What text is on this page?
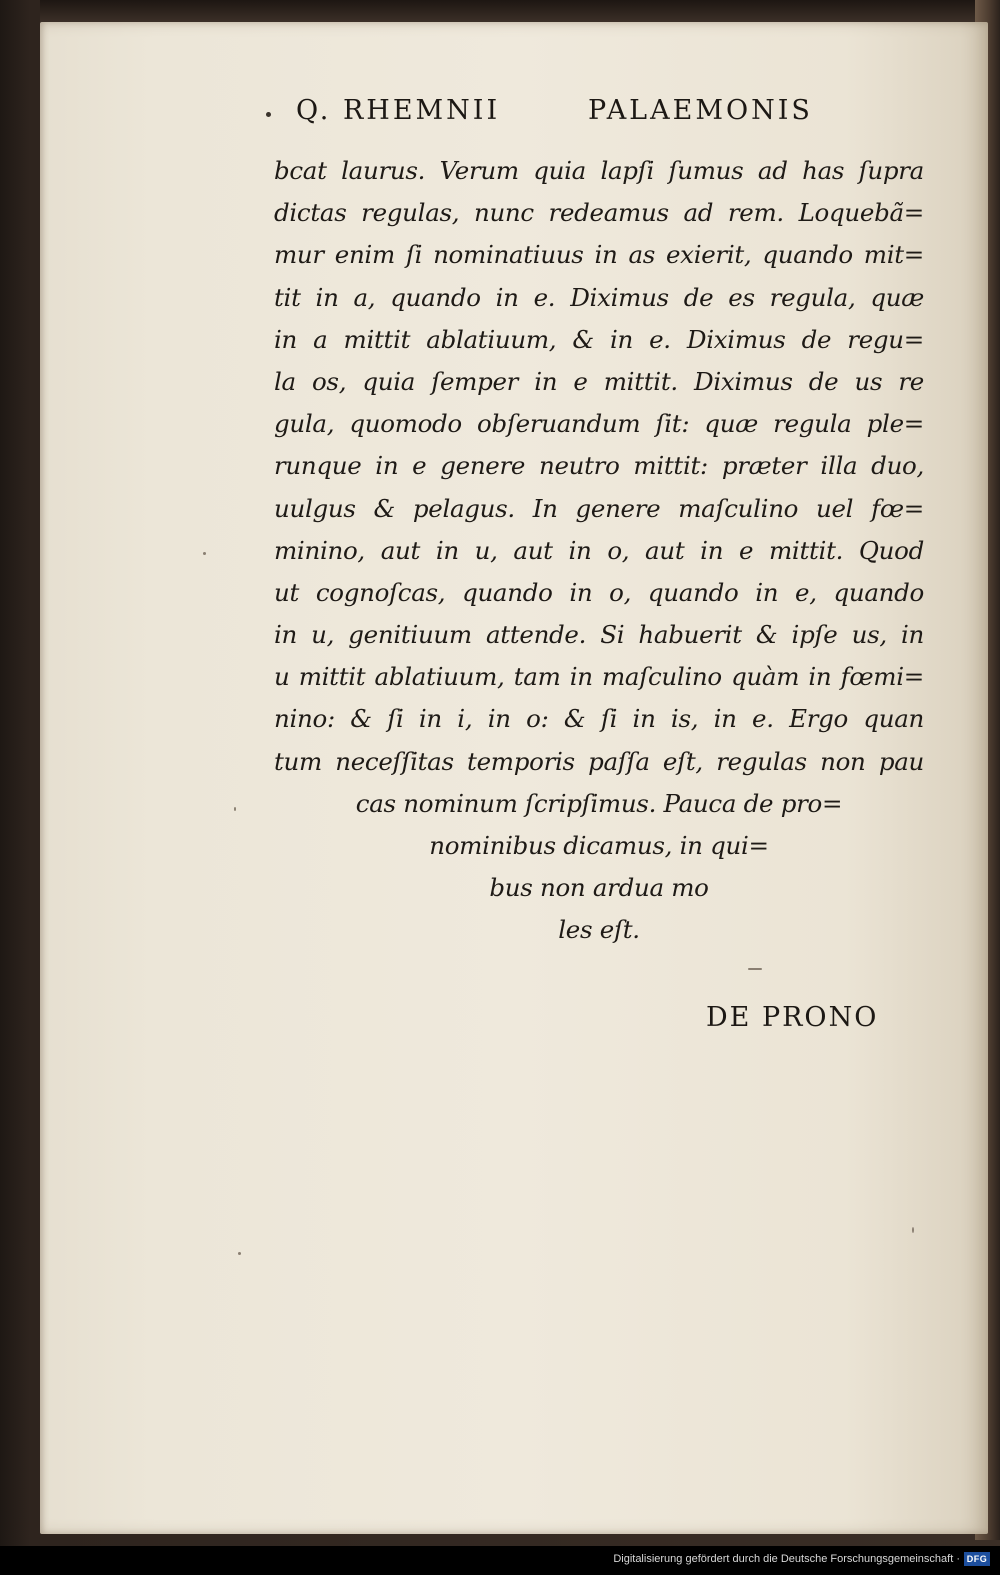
Q. RHEMNII	PALAEMONIS
bcat laurus. Verum quia lapſi ſumus ad has ſupra
dictas regulas, nunc redeamus ad rem. Loquebã=
mur enim ſi nominatiuus in as exierit, quando mit=
tit in a, quando in e. Diximus de es regula, quæ
in a mittit ablatiuum, & in e. Diximus de regu=
la os, quia ſemper in e mittit. Diximus de us re
gula, quomodo obſeruandum ſit: quæ regula ple=
runque in e genere neutro mittit: præter illa duo,
uulgus & pelagus. In genere maſculino uel fœ=
minino, aut in u, aut in o, aut in e mittit. Quod
ut cognoſcas, quando in o, quando in e, quando
in u, genitiuum attende. Si habuerit & ipſe us, in
u mittit ablatiuum, tam in maſculino quàm in fœmi=
nino: & ſi in i, in o: & ſi in is, in e. Ergo quan
tum neceſſitas temporis paſſa eſt, regulas non pau
cas nominum ſcripſimus. Pauca de pro=
nominibus dicamus, in qui=
bus non ardua mo
les eſt.
DE PRONO
Digitalisierung gefördert durch die Deutsche Forschungsgemeinschaft · DFG
